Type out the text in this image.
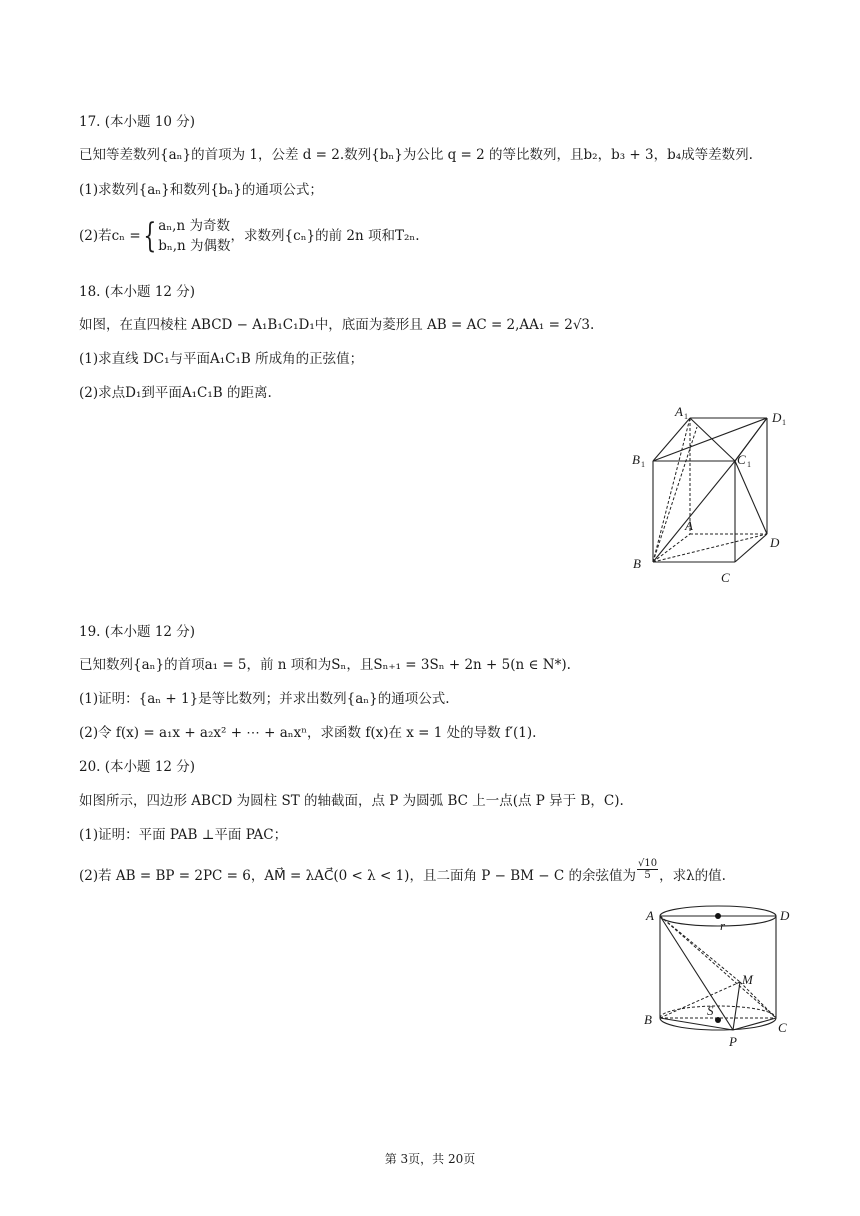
17. (本小题 10 分)
已知等差数列{aₙ}的首项为 1，公差 d = 2.数列{bₙ}为公比 q = 2 的等比数列，且b₂，b₃ + 3，b₄成等差数列.
(1)求数列{aₙ}和数列{bₙ}的通项公式；
(2)若cₙ = { aₙ,n 为奇数
bₙ,n 为偶数
，求数列{cₙ}的前 2n 项和T₂ₙ.
18. (本小题 12 分)
如图，在直四棱柱 ABCD − A₁B₁C₁D₁中，底面为菱形且 AB = AC = 2,AA₁ = 2√3.
(1)求直线 DC₁与平面A₁C₁B 所成角的正弦值；
(2)求点D₁到平面A₁C₁B 的距离.
A 1	D 1
B 1	C 1
A
D
B
C
19. (本小题 12 分)
已知数列{aₙ}的首项a₁ = 5，前 n 项和为Sₙ，且Sₙ₊₁ = 3Sₙ + 2n + 5(n ∈ N*).
(1)证明：{aₙ + 1}是等比数列；并求出数列{aₙ}的通项公式.
(2)令 f(x) = a₁x + a₂x² + ⋯ + aₙxⁿ，求函数 f(x)在 x = 1 处的导数 f′(1).
20. (本小题 12 分)
如图所示，四边形 ABCD 为圆柱 ST 的轴截面，点 P 为圆弧 BC 上一点(点 P 异于 B，C).
(1)证明：平面 PAB ⊥平面 PAC；
(2)若 AB = BP = 2PC = 6，AM⃗ = λAC⃗(0 < λ < 1)，且二面角 P − BM − C 的余弦值为 $\frac{√10}{5}$ ，求λ的值.
A	D
r
M
B
S
C
P
第 3页，共 20页
